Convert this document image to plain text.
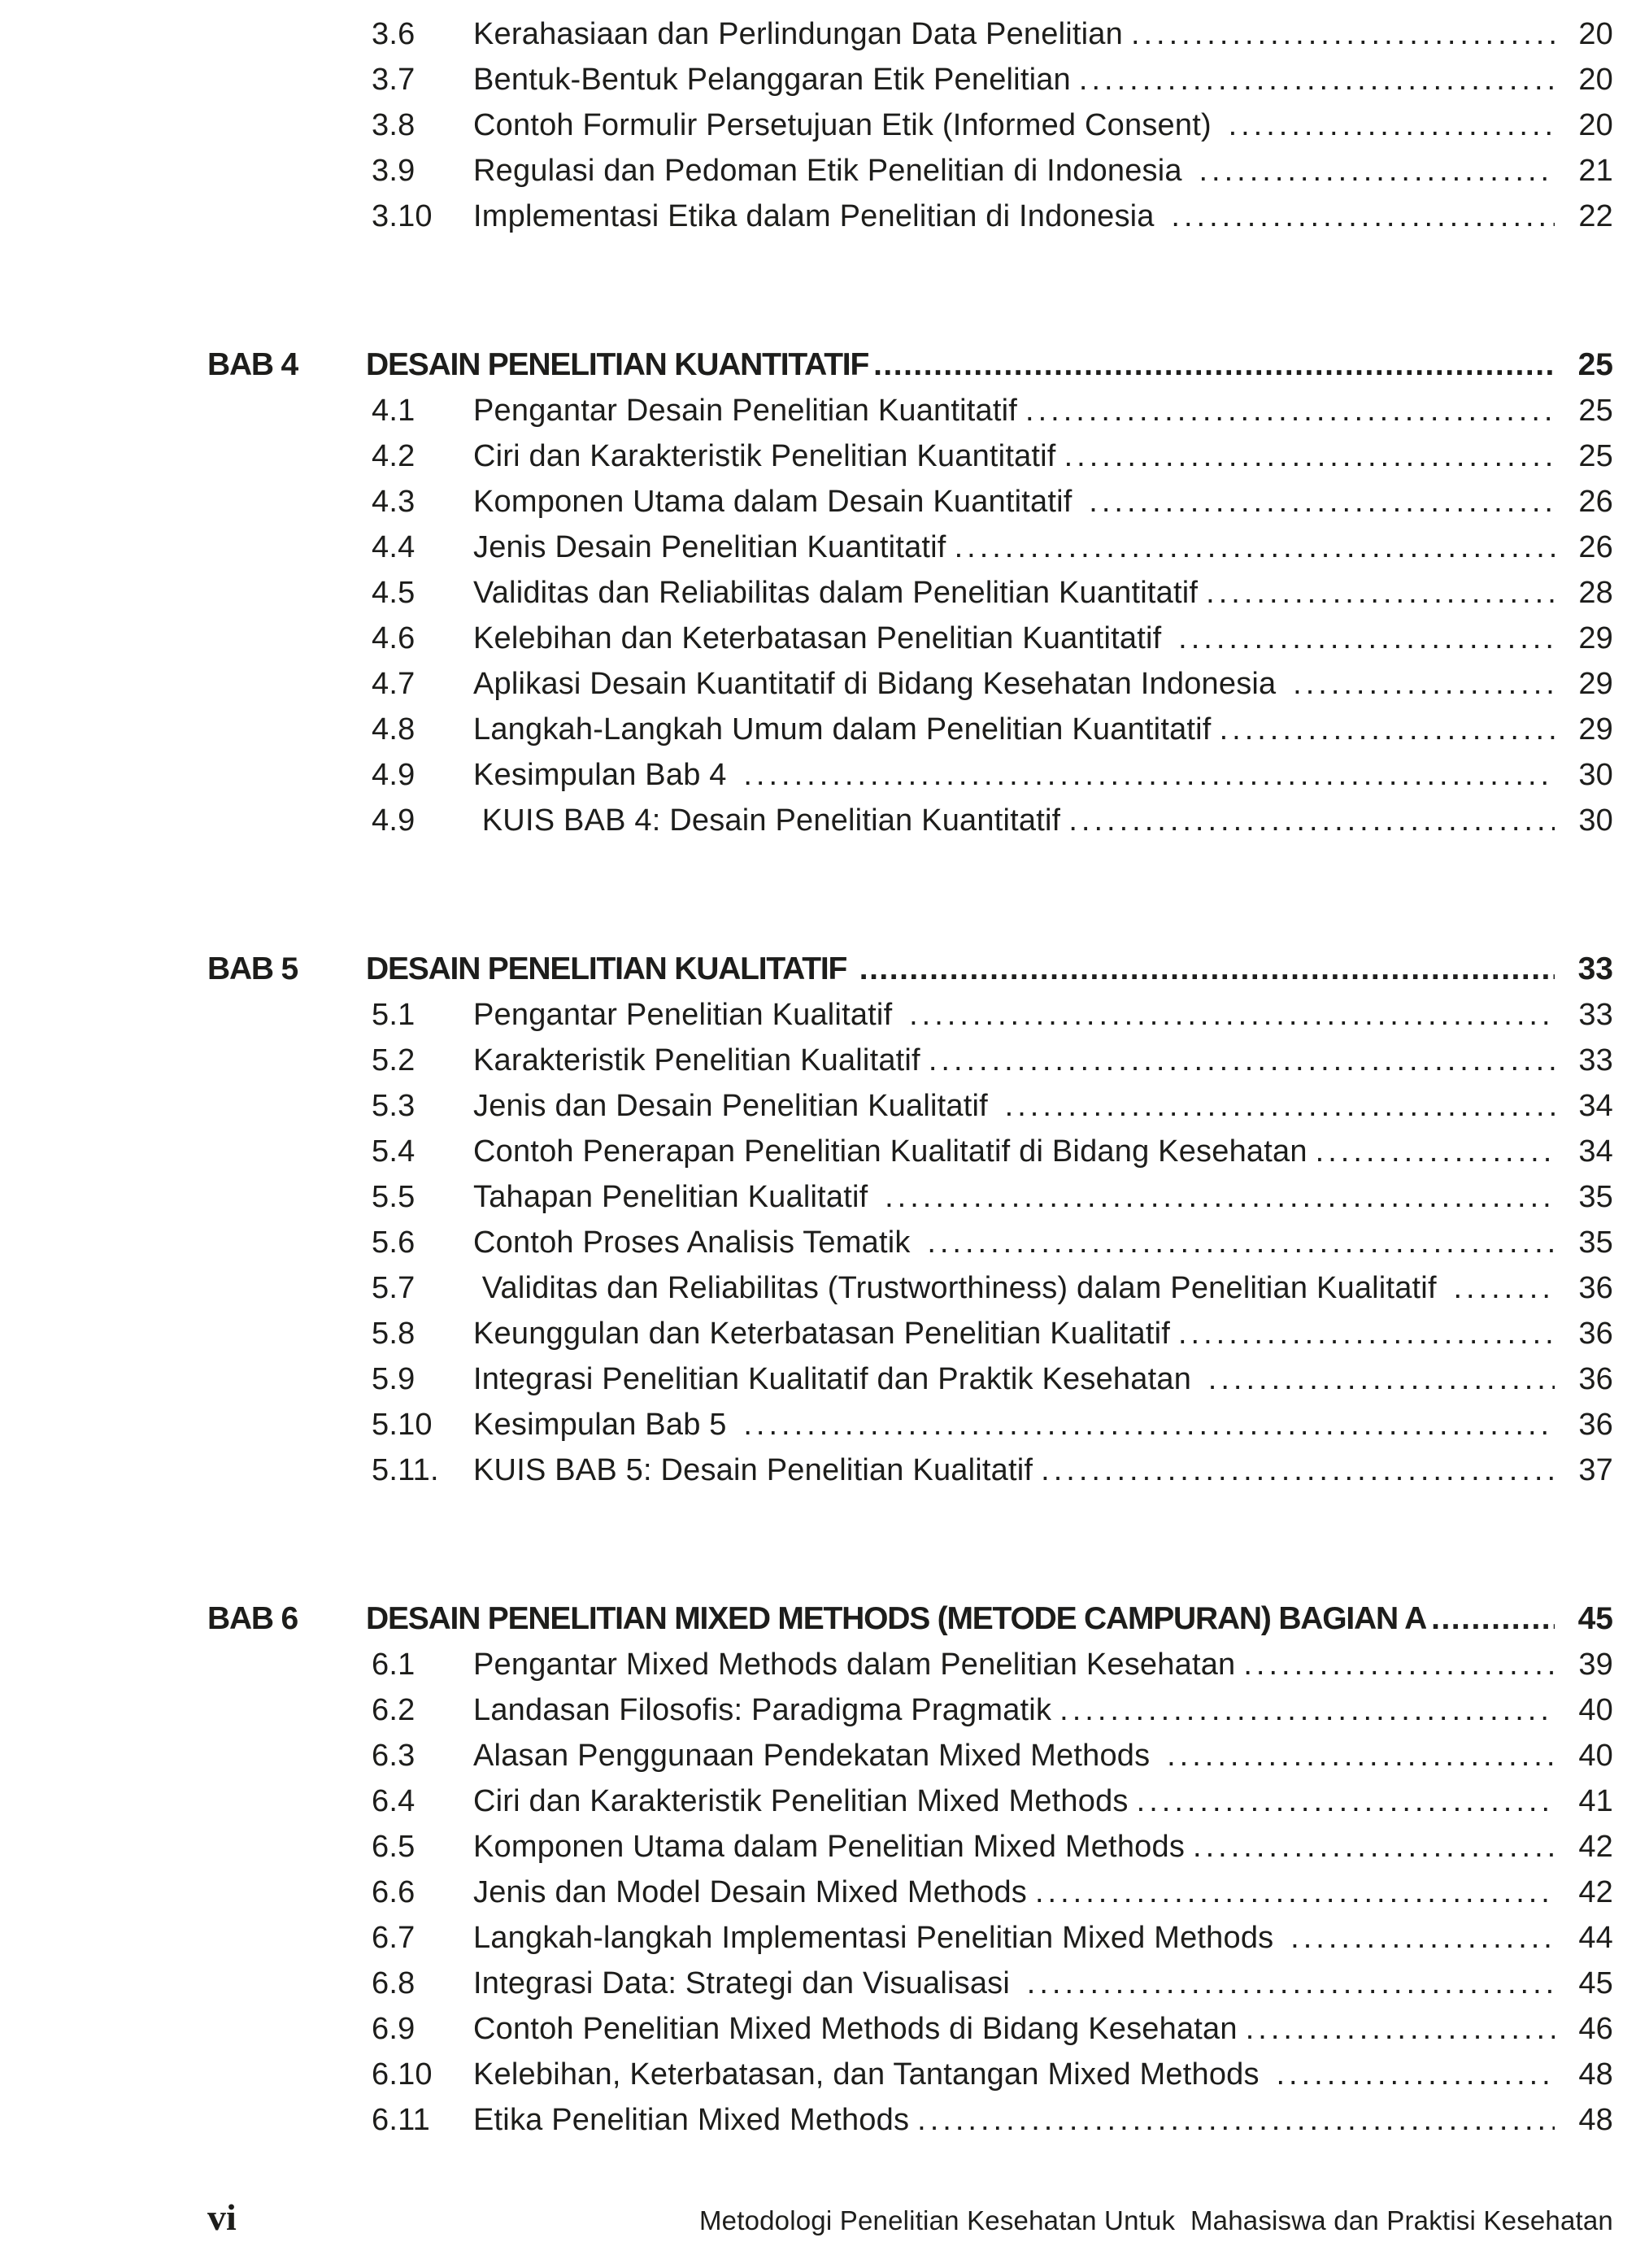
3.6	Kerahasiaan dan Perlindungan Data Penelitian .....	20
3.7	Bentuk-Bentuk Pelanggaran Etik Penelitian .....	20
3.8	Contoh Formulir Persetujuan Etik (Informed Consent) .....	20
3.9	Regulasi dan Pedoman Etik Penelitian di Indonesia .....	21
3.10	Implementasi Etika dalam Penelitian di Indonesia .....	22
BAB 4	DESAIN PENELITIAN KUANTITATIF .....	25
4.1	Pengantar Desain Penelitian Kuantitatif .....	25
4.2	Ciri dan Karakteristik Penelitian Kuantitatif .....	25
4.3	Komponen Utama dalam Desain Kuantitatif .....	26
4.4	Jenis Desain Penelitian Kuantitatif .....	26
4.5	Validitas dan Reliabilitas dalam Penelitian Kuantitatif .....	28
4.6	Kelebihan dan Keterbatasan Penelitian Kuantitatif .....	29
4.7	Aplikasi Desain Kuantitatif di Bidang Kesehatan Indonesia .....	29
4.8	Langkah-Langkah Umum dalam Penelitian Kuantitatif .....	29
4.9	Kesimpulan Bab 4 .....	30
4.9	KUIS BAB 4: Desain Penelitian Kuantitatif .....	30
BAB 5	DESAIN PENELITIAN KUALITATIF .....	33
5.1	Pengantar Penelitian Kualitatif .....	33
5.2	Karakteristik Penelitian Kualitatif .....	33
5.3	Jenis dan Desain Penelitian Kualitatif .....	34
5.4	Contoh Penerapan Penelitian Kualitatif di Bidang Kesehatan .....	34
5.5	Tahapan Penelitian Kualitatif .....	35
5.6	Contoh Proses Analisis Tematik .....	35
5.7	Validitas dan Reliabilitas (Trustworthiness) dalam Penelitian Kualitatif .....	36
5.8	Keunggulan dan Keterbatasan Penelitian Kualitatif .....	36
5.9	Integrasi Penelitian Kualitatif dan Praktik Kesehatan .....	36
5.10	Kesimpulan Bab 5 .....	36
5.11.	KUIS BAB 5: Desain Penelitian Kualitatif .....	37
BAB 6	DESAIN PENELITIAN MIXED METHODS (METODE CAMPURAN) BAGIAN A .....	45
6.1	Pengantar Mixed Methods dalam Penelitian Kesehatan .....	39
6.2	Landasan Filosofis: Paradigma Pragmatik .....	40
6.3	Alasan Penggunaan Pendekatan Mixed Methods .....	40
6.4	Ciri dan Karakteristik Penelitian Mixed Methods .....	41
6.5	Komponen Utama dalam Penelitian Mixed Methods .....	42
6.6	Jenis dan Model Desain Mixed Methods .....	42
6.7	Langkah-langkah Implementasi Penelitian Mixed Methods .....	44
6.8	Integrasi Data: Strategi dan Visualisasi .....	45
6.9	Contoh Penelitian Mixed Methods di Bidang Kesehatan .....	46
6.10	Kelebihan, Keterbatasan, dan Tantangan Mixed Methods .....	48
6.11	Etika Penelitian Mixed Methods .....	48
vi	Metodologi Penelitian Kesehatan Untuk  Mahasiswa dan Praktisi Kesehatan
